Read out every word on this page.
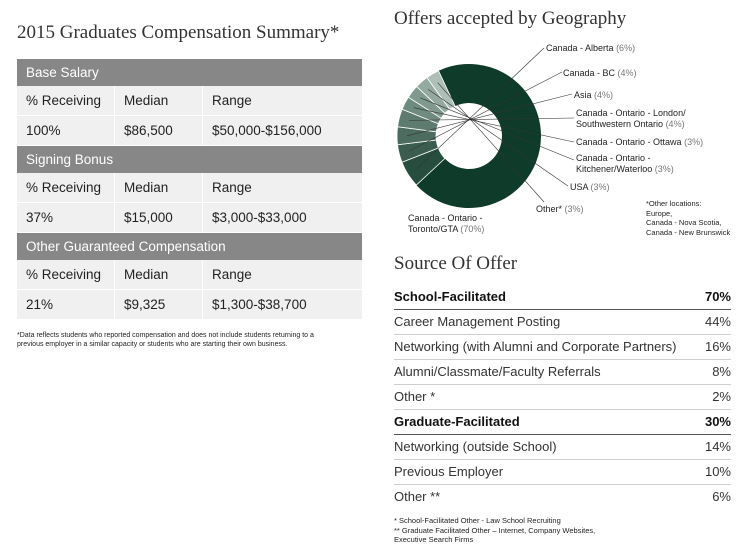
2015 Graduates Compensation Summary*
Base Salary
% Receiving	Median	Range
100%	$86,500	$50,000-$156,000
Signing Bonus
% Receiving	Median	Range
37%	$15,000	$3,000-$33,000
Other Guaranteed Compensation
% Receiving	Median	Range
21%	$9,325	$1,300-$38,700
*Data reflects students who reported compensation and does not include students returning to a previous employer in a similar capacity or students who are starting their own business.
Offers accepted by Geography
Canada - Alberta (6%)
Canada - BC (4%)
Asia (4%)
Canada - Ontario - London/
Southwestern Ontario (4%)
Canada - Ontario - Ottawa (3%)
Canada - Ontario -
Kitchener/Waterloo (3%)
USA (3%)
Other* (3%)
Canada - Ontario -
Toronto/GTA (70%)
*Other locations:
Europe,
Canada - Nova Scotia,
Canada - New Brunswick
Source Of Offer
School-Facilitated	70%
Career Management Posting	44%
Networking (with Alumni and Corporate Partners) 16%
Alumni/Classmate/Faculty Referrals	8%
Other *	2%
Graduate-Facilitated	30%
Networking (outside School)	14%
Previous Employer	10%
Other **	6%
* School-Facilitated Other - Law School Recruiting
** Graduate Facilitated Other – Internet, Company Websites,
Executive Search Firms
